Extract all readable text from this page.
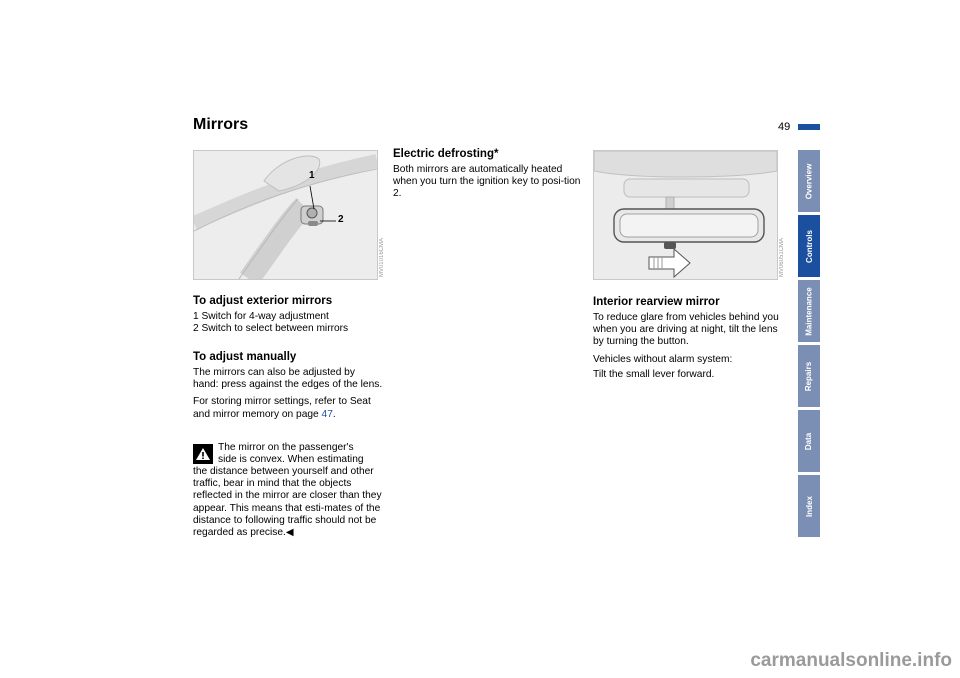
Mirrors	49
1
2
MV01016CMA
To adjust exterior mirrors

1 Switch for 4-way adjustment

2 Switch to select between mirrors

To adjust manually

The mirrors can also be adjusted by hand: press against the edges of the lens.

For storing mirror settings, refer to Seat and mirror memory on page 47.

The mirror on the passenger's

side is convex. When estimating

the distance between yourself and other traffic, bear in mind that the objects reflected in the mirror are closer than they appear. This means that esti-mates of the distance to following traffic should not be regarded as precise.◀

Electric defrosting*

Both mirrors are automatically heated when you turn the ignition key to posi-tion 2.

MV06051CMA
Interior rearview mirror

To reduce glare from vehicles behind you when you are driving at night, tilt the lens by turning the button.

Vehicles without alarm system:

Tilt the small lever forward.

Overview
Controls
Maintenance
Repairs
Data
Index
carmanualsonline.info
